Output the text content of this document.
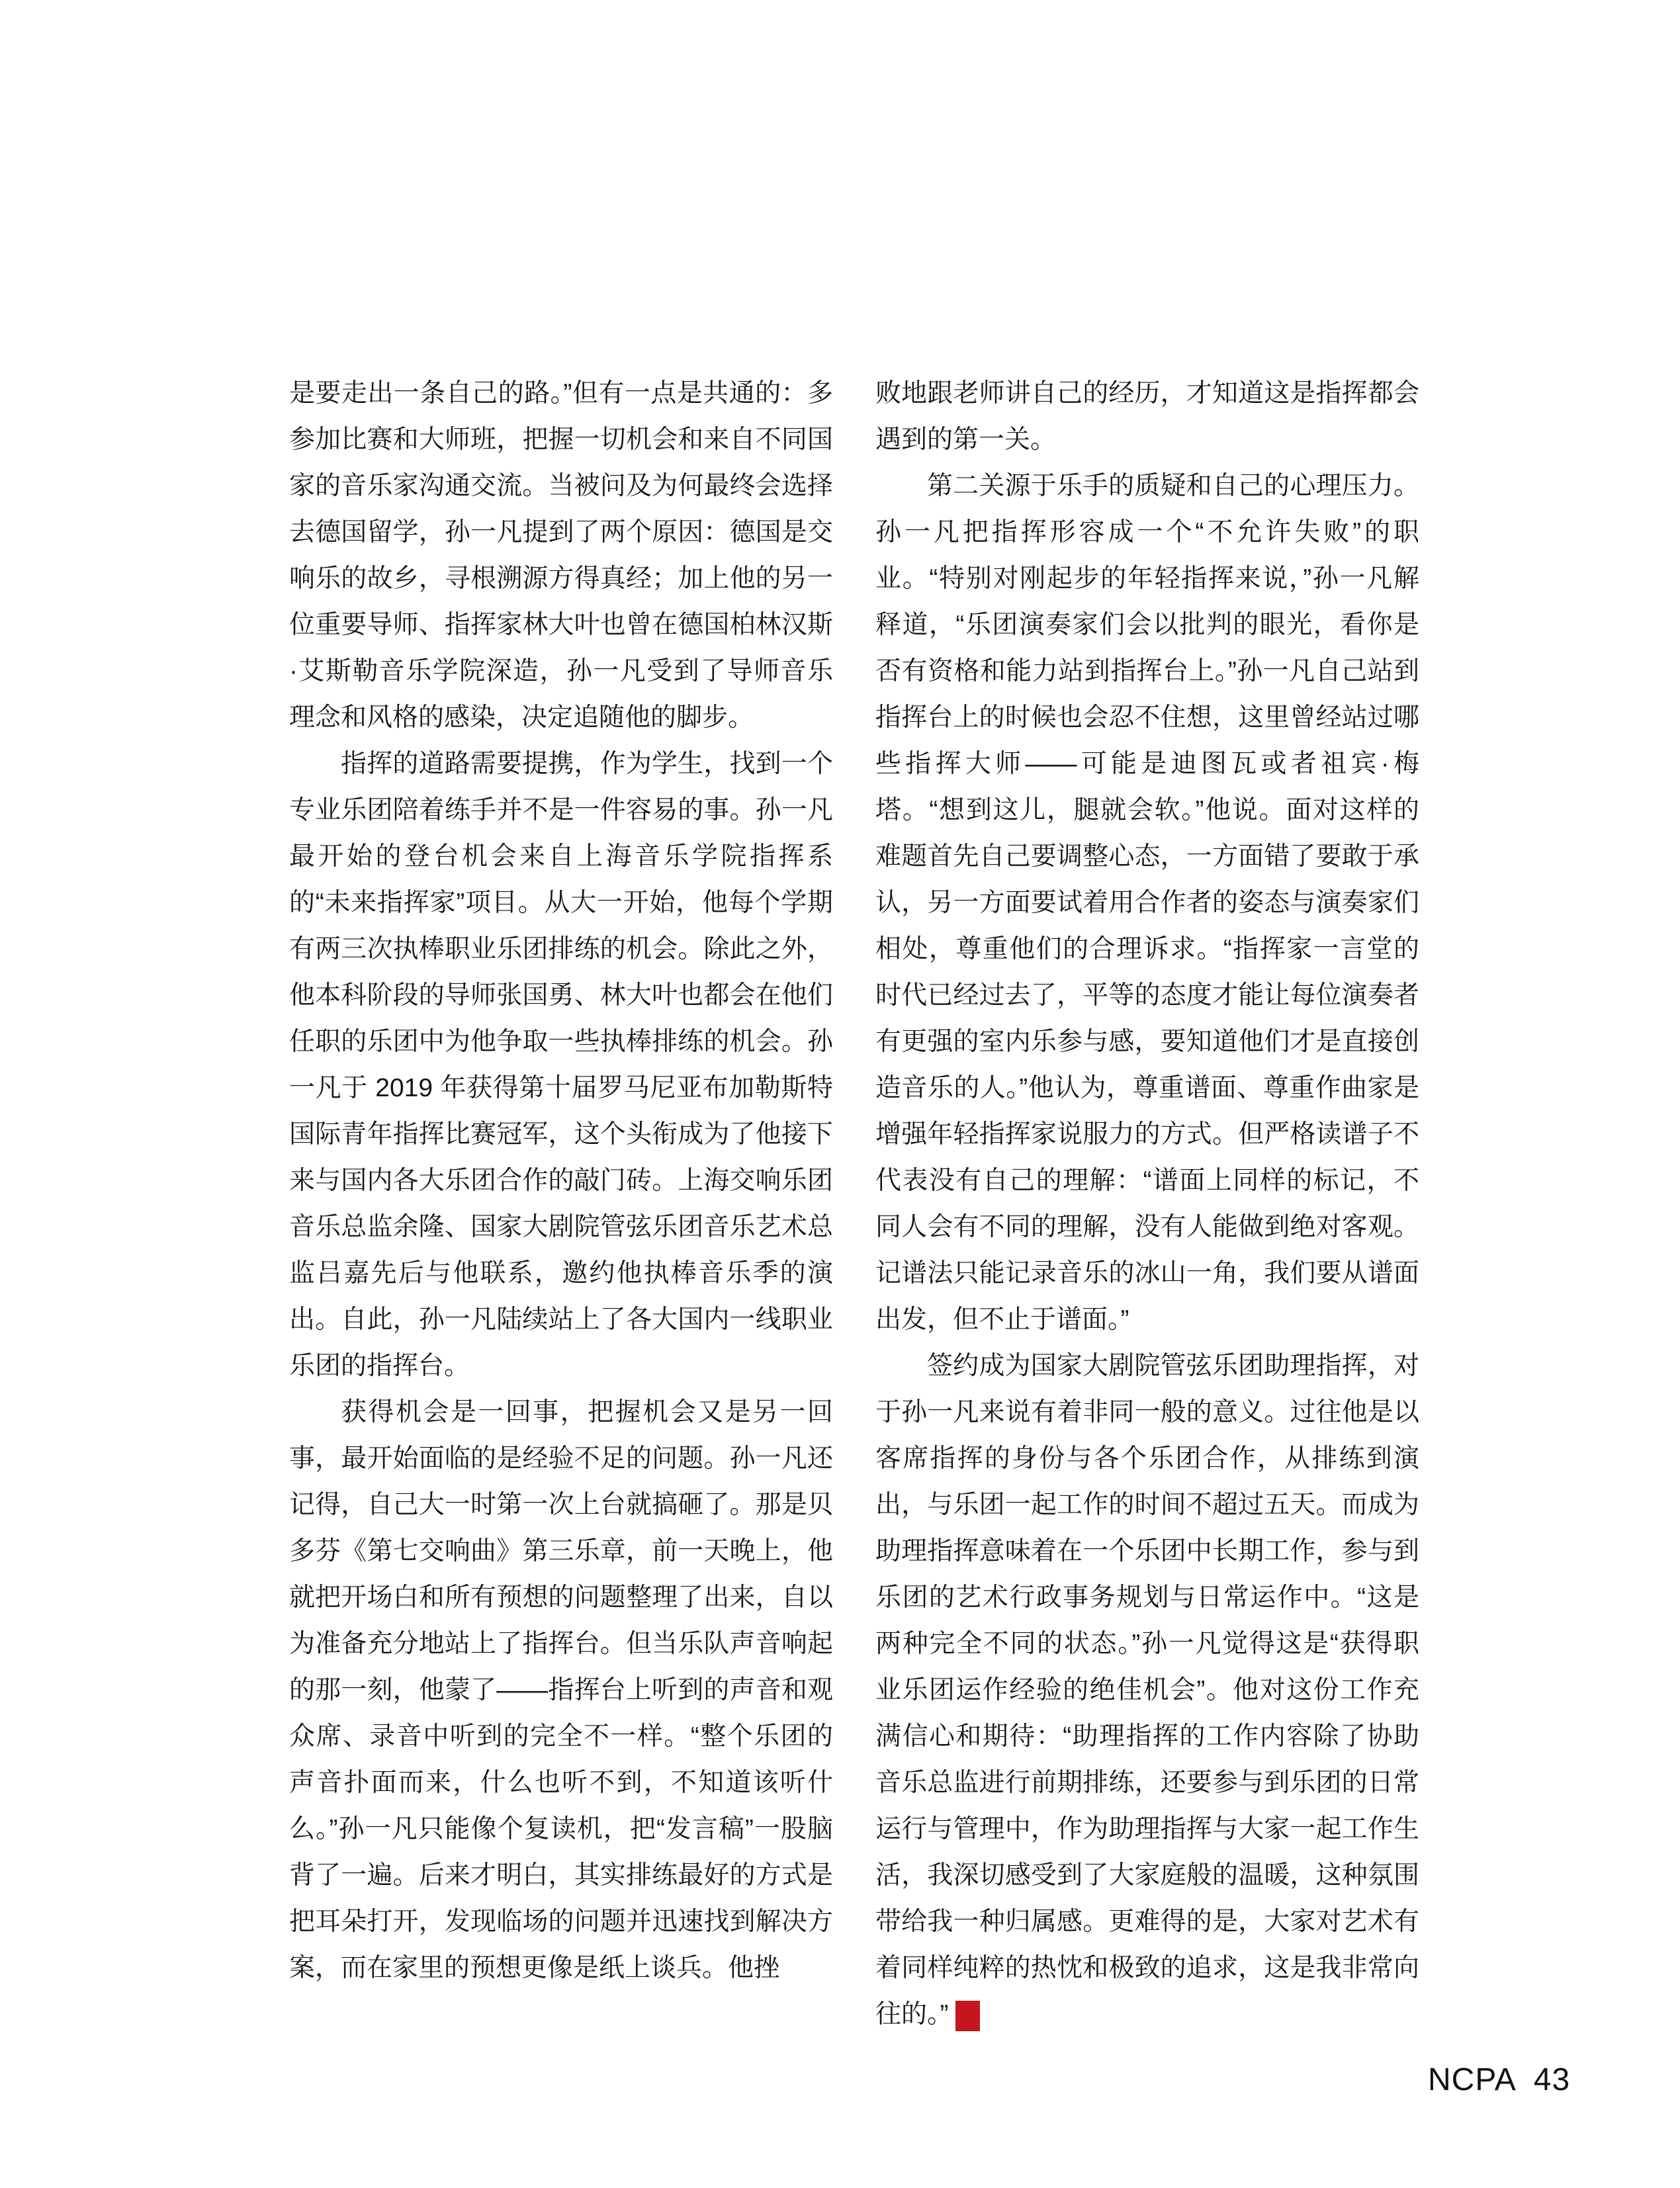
是要走出一条自己的路。”但有一点是共通的：多参加比赛和大师班，把握一切机会和来自不同国家的音乐家沟通交流。当被问及为何最终会选择去德国留学，孙一凡提到了两个原因：德国是交响乐的故乡，寻根溯源方得真经；加上他的另一位重要导师、指挥家林大叶也曾在德国柏林汉斯·艾斯勒音乐学院深造，孙一凡受到了导师音乐理念和风格的感染，决定追随他的脚步。

指挥的道路需要提携，作为学生，找到一个专业乐团陪着练手并不是一件容易的事。孙一凡最开始的登台机会来自上海音乐学院指挥系的“未来指挥家”项目。从大一开始，他每个学期有两三次执棒职业乐团排练的机会。除此之外，他本科阶段的导师张国勇、林大叶也都会在他们任职的乐团中为他争取一些执棒排练的机会。孙一凡于 2019 年获得第十届罗马尼亚布加勒斯特国际青年指挥比赛冠军，这个头衔成为了他接下来与国内各大乐团合作的敲门砖。上海交响乐团音乐总监余隆、国家大剧院管弦乐团音乐艺术总监吕嘉先后与他联系，邀约他执棒音乐季的演出。自此，孙一凡陆续站上了各大国内一线职业乐团的指挥台。

获得机会是一回事，把握机会又是另一回事，最开始面临的是经验不足的问题。孙一凡还记得，自己大一时第一次上台就搞砸了。那是贝多芬《第七交响曲》第三乐章，前一天晚上，他就把开场白和所有预想的问题整理了出来，自以为准备充分地站上了指挥台。但当乐队声音响起的那一刻，他蒙了——指挥台上听到的声音和观众席、录音中听到的完全不一样。“整个乐团的声音扑面而来，什么也听不到，不知道该听什么。”孙一凡只能像个复读机，把“发言稿”一股脑背了一遍。后来才明白，其实排练最好的方式是把耳朵打开，发现临场的问题并迅速找到解决方案，而在家里的预想更像是纸上谈兵。他挫

败地跟老师讲自己的经历，才知道这是指挥都会遇到的第一关。

第二关源于乐手的质疑和自己的心理压力。孙一凡把指挥形容成一个“不允许失败”的职业。“特别对刚起步的年轻指挥来说，”孙一凡解释道，“乐团演奏家们会以批判的眼光，看你是否有资格和能力站到指挥台上。”孙一凡自己站到指挥台上的时候也会忍不住想，这里曾经站过哪些指挥大师——可能是迪图瓦或者祖宾·梅塔。“想到这儿，腿就会软。”他说。面对这样的难题首先自己要调整心态，一方面错了要敢于承认，另一方面要试着用合作者的姿态与演奏家们相处，尊重他们的合理诉求。“指挥家一言堂的时代已经过去了，平等的态度才能让每位演奏者有更强的室内乐参与感，要知道他们才是直接创造音乐的人。”他认为，尊重谱面、尊重作曲家是增强年轻指挥家说服力的方式。但严格读谱子不代表没有自己的理解：“谱面上同样的标记，不同人会有不同的理解，没有人能做到绝对客观。记谱法只能记录音乐的冰山一角，我们要从谱面出发，但不止于谱面。”

签约成为国家大剧院管弦乐团助理指挥，对于孙一凡来说有着非同一般的意义。过往他是以客席指挥的身份与各个乐团合作，从排练到演出，与乐团一起工作的时间不超过五天。而成为助理指挥意味着在一个乐团中长期工作，参与到乐团的艺术行政事务规划与日常运作中。“这是两种完全不同的状态。”孙一凡觉得这是“获得职业乐团运作经验的绝佳机会”。他对这份工作充满信心和期待：“助理指挥的工作内容除了协助音乐总监进行前期排练，还要参与到乐团的日常运行与管理中，作为助理指挥与大家一起工作生活，我深切感受到了大家庭般的温暖，这种氛围带给我一种归属感。更难得的是，大家对艺术有着同样纯粹的热忱和极致的追求，这是我非常向往的。”	NC
PA

NCPA 43
